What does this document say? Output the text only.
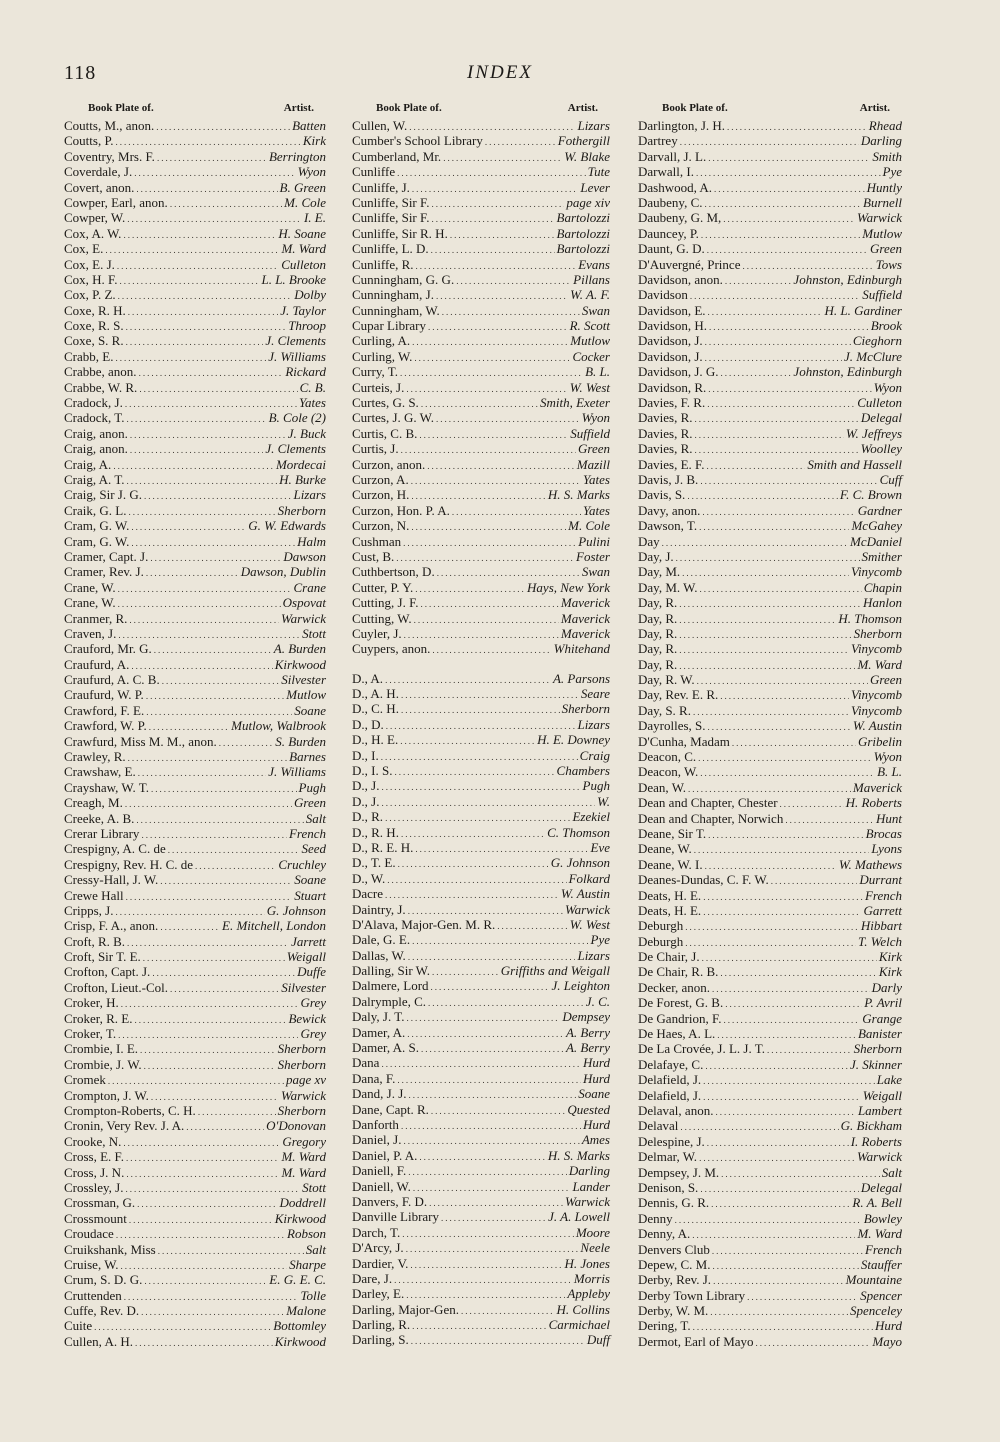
118	INDEX
Book Plate of.	Artist.
Coutts, M., anon. .....	Batten
Coutts, P. .....	Kirk
Coventry, Mrs. F. .....	Berrington
Coverdale, J. .....	Wyon
Covert, anon. .....	B. Green
Cowper, Earl, anon. .....	M. Cole
Cowper, W. .....	I. E.
Cox, A. W. .....	H. Soane
Cox, E. .....	M. Ward
Cox, E. J. .....	Culleton
Cox, H. F. .....	L. L. Brooke
Cox, P. Z. .....	Dolby
Coxe, R. H. .....	J. Taylor
Coxe, R. S. .....	Throop
Coxe, S. R. .....	J. Clements
Crabb, E. .....	J. Williams
Crabbe, anon. .....	Rickard
Crabbe, W. R. .....	C. B.
Cradock, J. .....	Yates
Cradock, T. .....	B. Cole (2)
Craig, anon. .....	J. Buck
Craig, anon. .....	J. Clements
Craig, A. .....	Mordecai
Craig, A. T. .....	H. Burke
Craig, Sir J. G. .....	Lizars
Craik, G. L. .....	Sherborn
Cram, G. W. .....	G. W. Edwards
Cram, G. W. .....	Halm
Cramer, Capt. J. .....	Dawson
Cramer, Rev. J. .....	Dawson, Dublin
Crane, W. .....	Crane
Crane, W. .....	Ospovat
Cranmer, R. .....	Warwick
Craven, J. .....	Stott
Crauford, Mr. G. .....	A. Burden
Craufurd, A. .....	Kirkwood
Craufurd, A. C. B. .....	Silvester
Craufurd, W. P. .....	Mutlow
Crawford, F. E. .....	Soane
Crawford, W. P. .....	Mutlow, Walbrook
Crawfurd, Miss M. M., anon. .....	S. Burden
Crawley, R. .....	Barnes
Crawshaw, E. .....	J. Williams
Crayshaw, W. T. .....	Pugh
Creagh, M. .....	Green
Creeke, A. B. .....	Salt
Crerar Library .....	French
Crespigny, A. C. de .....	Seed
Crespigny, Rev. H. C. de .....	Cruchley
Cressy-Hall, J. W. .....	Soane
Crewe Hall .....	Stuart
Cripps, J. .....	G. Johnson
Crisp, F. A., anon. .....	E. Mitchell, London
Croft, R. B. .....	Jarrett
Croft, Sir T. E. .....	Weigall
Crofton, Capt. J. .....	Duffe
Crofton, Lieut.-Col. .....	Silvester
Croker, H. .....	Grey
Croker, R. E. .....	Bewick
Croker, T. .....	Grey
Crombie, I. E. .....	Sherborn
Crombie, J. W. .....	Sherborn
Cromek .....	page xv
Crompton, J. W. .....	Warwick
Crompton-Roberts, C. H. .....	Sherborn
Cronin, Very Rev. J. A. .....	O'Donovan
Crooke, N. .....	Gregory
Cross, E. F. .....	M. Ward
Cross, J. N. .....	M. Ward
Crossley, J. .....	Stott
Crossman, G. .....	Doddrell
Crossmount .....	Kirkwood
Croudace .....	Robson
Cruikshank, Miss .....	Salt
Cruise, W. .....	Sharpe
Crum, S. D. G. .....	E. G. E. C.
Cruttenden .....	Tolle
Cuffe, Rev. D. .....	Malone
Cuite .....	Bottomley
Cullen, A. H. .....	Kirkwood
Book Plate of.	Artist.
Cullen, W. .....	Lizars
Cumber's School Library .....	Fothergill
Cumberland, Mr. .....	W. Blake
Cunliffe .....	Tute
Cunliffe, J. .....	Lever
Cunliffe, Sir F. .....	page xiv
Cunliffe, Sir F. .....	Bartolozzi
Cunliffe, Sir R. H. .....	Bartolozzi
Cunliffe, L. D. .....	Bartolozzi
Cunliffe, R. .....	Evans
Cunningham, G. G. .....	Pillans
Cunningham, J. .....	W. A. F.
Cunningham, W. .....	Swan
Cupar Library .....	R. Scott
Curling, A. .....	Mutlow
Curling, W. .....	Cocker
Curry, T. .....	B. L.
Curteis, J. .....	W. West
Curtes, G. S. .....	Smith, Exeter
Curtes, J. G. W. .....	Wyon
Curtis, C. B. .....	Suffield
Curtis, J. .....	Green
Curzon, anon. .....	Mazill
Curzon, A. .....	Yates
Curzon, H. .....	H. S. Marks
Curzon, Hon. P. A. .....	Yates
Curzon, N. .....	M. Cole
Cushman .....	Pulini
Cust, B. .....	Foster
Cuthbertson, D. .....	Swan
Cutter, P. Y. .....	Hays, New York
Cutting, J. F. .....	Maverick
Cutting, W. .....	Maverick
Cuyler, J. .....	Maverick
Cuypers, anon. .....	Whitehand
D., A. .....	A. Parsons
D., A. H. .....	Seare
D., C. H. .....	Sherborn
D., D. .....	Lizars
D., H. E. .....	H. E. Downey
D., I. .....	Craig
D., I. S. .....	Chambers
D., J. .....	Pugh
D., J. .....	W.
D., R. .....	Ezekiel
D., R. H. .....	C. Thomson
D., R. E. H. .....	Eve
D., T. E. .....	G. Johnson
D., W. .....	Folkard
Dacre .....	W. Austin
Daintry, J. .....	Warwick
D'Alava, Major-Gen. M. R. .....	W. West
Dale, G. E. .....	Pye
Dallas, W. .....	Lizars
Dalling, Sir W. .....	Griffiths and Weigall
Dalmere, Lord .....	J. Leighton
Dalrymple, C. .....	J. C.
Daly, J. T. .....	Dempsey
Damer, A. .....	A. Berry
Damer, A. S. .....	A. Berry
Dana .....	Hurd
Dana, F. .....	Hurd
Dand, J. J. .....	Soane
Dane, Capt. R. .....	Quested
Danforth .....	Hurd
Daniel, J. .....	Ames
Daniel, P. A. .....	H. S. Marks
Daniell, F. .....	Darling
Daniell, W. .....	Lander
Danvers, F. D. .....	Warwick
Danville Library .....	J. A. Lowell
Darch, T. .....	Moore
D'Arcy, J. .....	Neele
Dardier, V. .....	H. Jones
Dare, J. .....	Morris
Darley, E. .....	Appleby
Darling, Major-Gen. .....	H. Collins
Darling, R. .....	Carmichael
Darling, S. .....	Duff
Book Plate of.	Artist.
Darlington, J. H. .....	Rhead
Dartrey .....	Darling
Darvall, J. L. .....	Smith
Darwall, I. .....	Pye
Dashwood, A. .....	Huntly
Daubeny, C. .....	Burnell
Daubeny, G. M, .....	Warwick
Dauncey, P. .....	Mutlow
Daunt, G. D. .....	Green
D'Auvergné, Prince .....	Tows
Davidson, anon. .....	Johnston, Edinburgh
Davidson .....	Suffield
Davidson, E. .....	H. L. Gardiner
Davidson, H. .....	Brook
Davidson, J. .....	Cieghorn
Davidson, J. .....	J. McClure
Davidson, J. G. .....	Johnston, Edinburgh
Davidson, R. .....	Wyon
Davies, F. R. .....	Culleton
Davies, R. .....	Delegal
Davies, R. .....	W. Jeffreys
Davies, R. .....	Woolley
Davies, E. F. .....	Smith and Hassell
Davis, J. B. .....	Cuff
Davis, S. .....	F. C. Brown
Davy, anon. .....	Gardner
Dawson, T. .....	McGahey
Day .....	McDaniel
Day, J. .....	Smither
Day, M. .....	Vinycomb
Day, M. W. .....	Chapin
Day, R. .....	Hanlon
Day, R. .....	H. Thomson
Day, R. .....	Sherborn
Day, R. .....	Vinycomb
Day, R. .....	M. Ward
Day, R. W. .....	Green
Day, Rev. E. R. .....	Vinycomb
Day, S. R. .....	Vinycomb
Dayrolles, S. .....	W. Austin
D'Cunha, Madam .....	Gribelin
Deacon, C. .....	Wyon
Deacon, W. .....	B. L.
Dean, W. .....	Maverick
Dean and Chapter, Chester .....	H. Roberts
Dean and Chapter, Norwich .....	Hunt
Deane, Sir T. .....	Brocas
Deane, W. .....	Lyons
Deane, W. I. .....	W. Mathews
Deanes-Dundas, C. F. W. .....	Durrant
Deats, H. E. .....	French
Deats, H. E. .....	Garrett
Deburgh .....	Hibbart
Deburgh .....	T. Welch
De Chair, J. .....	Kirk
De Chair, R. B. .....	Kirk
Decker, anon. .....	Darly
De Forest, G. B. .....	P. Avril
De Gandrion, F. .....	Grange
De Haes, A. L. .....	Banister
De La Crovée, J. L. J. T. .....	Sherborn
Delafaye, C. .....	J. Skinner
Delafield, J. .....	Lake
Delafield, J. .....	Weigall
Delaval, anon. .....	Lambert
Delaval .....	G. Bickham
Delespine, J. .....	I. Roberts
Delmar, W. .....	Warwick
Dempsey, J. M. .....	Salt
Denison, S. .....	Delegal
Dennis, G. R. .....	R. A. Bell
Denny .....	Bowley
Denny, A. .....	M. Ward
Denvers Club .....	French
Depew, C. M. .....	Stauffer
Derby, Rev. J. .....	Mountaine
Derby Town Library .....	Spencer
Derby, W. M. .....	Spenceley
Dering, T. .....	Hurd
Dermot, Earl of Mayo .....	Mayo
